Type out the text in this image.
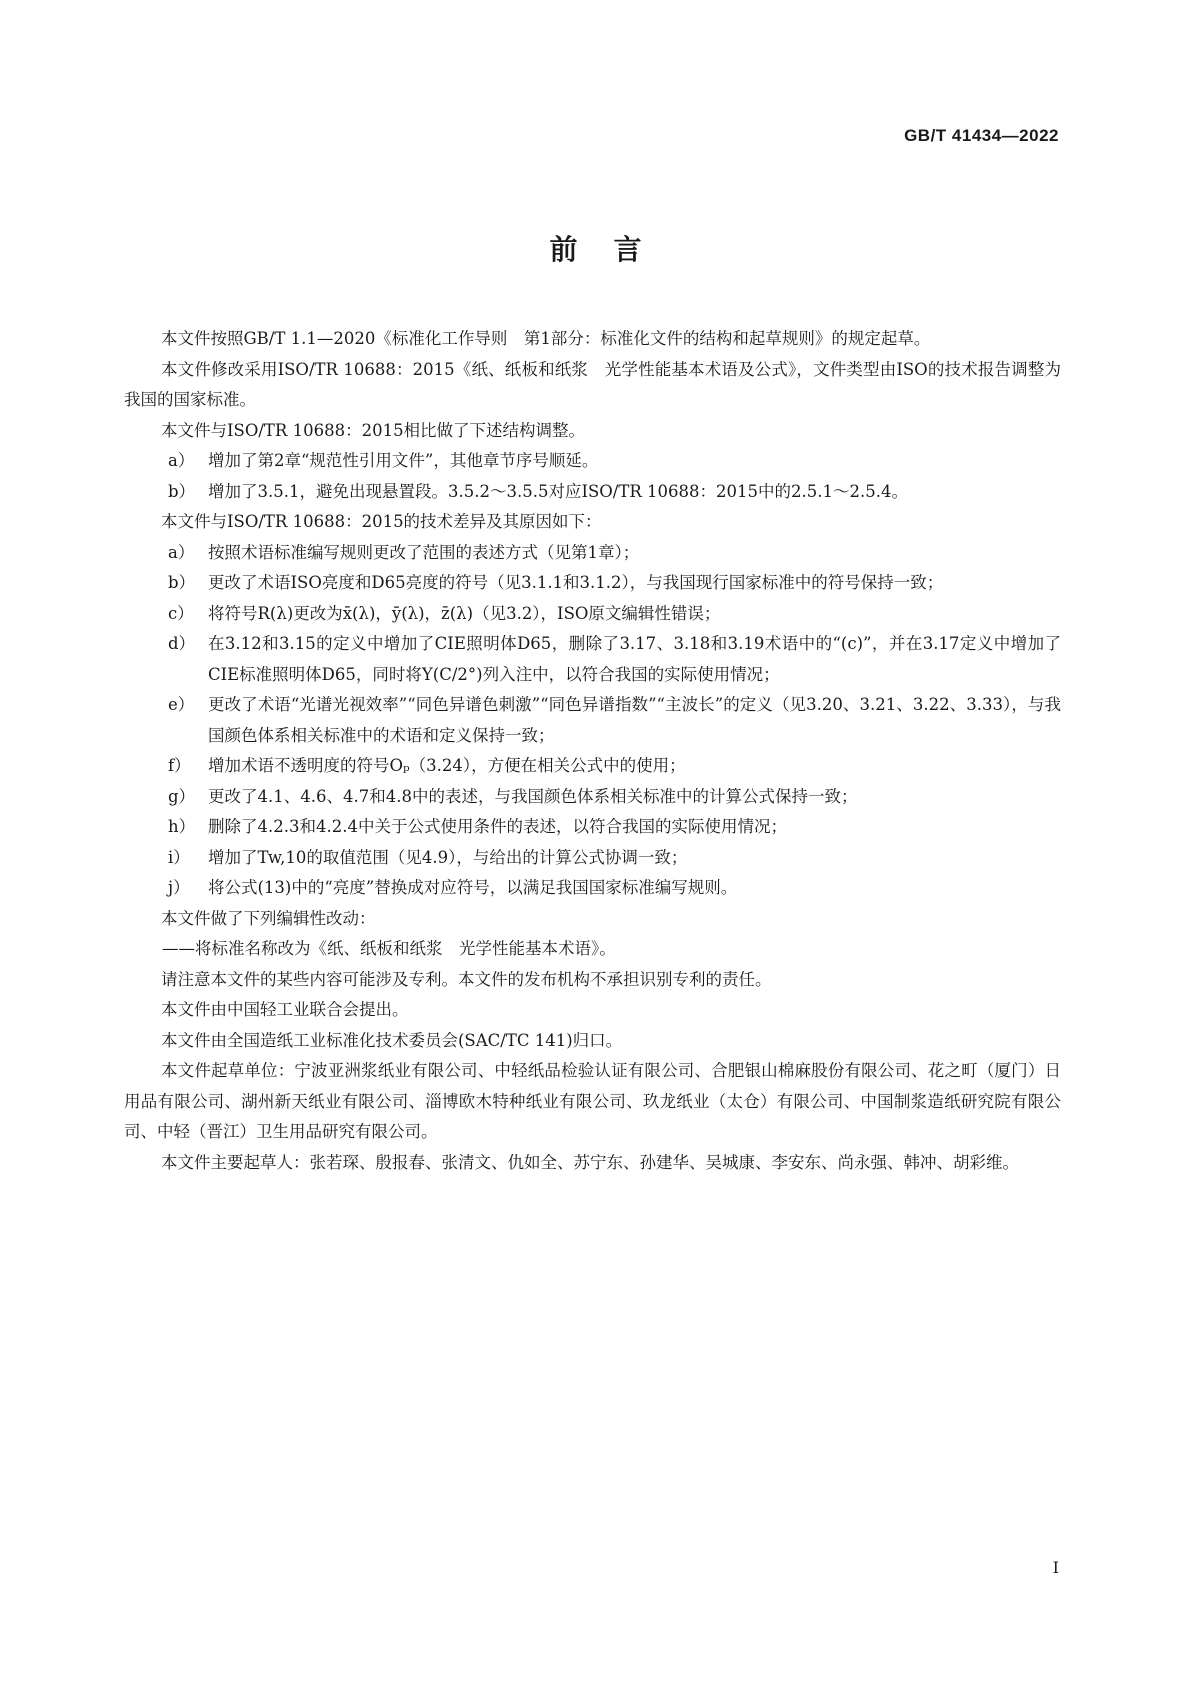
GB/T 41434—2022
前言

本文件按照GB/T 1.1—2020《标准化工作导则　第1部分：标准化文件的结构和起草规则》的规定起草。

本文件修改采用ISO/TR 10688：2015《纸、纸板和纸浆　光学性能基本术语及公式》，文件类型由ISO的技术报告调整为我国的国家标准。

本文件与ISO/TR 10688：2015相比做了下述结构调整。

a） 增加了第2章“规范性引用文件”，其他章节序号顺延。
b） 增加了3.5.1，避免出现悬置段。3.5.2～3.5.5对应ISO/TR 10688：2015中的2.5.1～2.5.4。

本文件与ISO/TR 10688：2015的技术差异及其原因如下：

a） 按照术语标准编写规则更改了范围的表述方式（见第1章）；
b） 更改了术语ISO亮度和D65亮度的符号（见3.1.1和3.1.2），与我国现行国家标准中的符号保持一致；
c） 将符号R(λ)更改为x̄(λ)，ȳ(λ)，z̄(λ)（见3.2），ISO原文编辑性错误；
d） 在3.12和3.15的定义中增加了CIE照明体D65，删除了3.17、3.18和3.19术语中的“(c)”，并在3.17定义中增加了CIE标准照明体D65，同时将Y(C/2°)列入注中，以符合我国的实际使用情况；
e） 更改了术语“光谱光视效率”“同色异谱色刺激”“同色异谱指数”“主波长”的定义（见3.20、3.21、3.22、3.33），与我国颜色体系相关标准中的术语和定义保持一致；
f） 增加术语不透明度的符号Oₚ（3.24），方便在相关公式中的使用；
g） 更改了4.1、4.6、4.7和4.8中的表述，与我国颜色体系相关标准中的计算公式保持一致；
h） 删除了4.2.3和4.2.4中关于公式使用条件的表述，以符合我国的实际使用情况；
i） 增加了Tw,10的取值范围（见4.9），与给出的计算公式协调一致；
j） 将公式(13)中的“亮度”替换成对应符号，以满足我国国家标准编写规则。

本文件做了下列编辑性改动：

——将标准名称改为《纸、纸板和纸浆　光学性能基本术语》。

请注意本文件的某些内容可能涉及专利。本文件的发布机构不承担识别专利的责任。

本文件由中国轻工业联合会提出。

本文件由全国造纸工业标准化技术委员会(SAC/TC 141)归口。

本文件起草单位：宁波亚洲浆纸业有限公司、中轻纸品检验认证有限公司、合肥银山棉麻股份有限公司、花之町（厦门）日用品有限公司、湖州新天纸业有限公司、淄博欧木特种纸业有限公司、玖龙纸业（太仓）有限公司、中国制浆造纸研究院有限公司、中轻（晋江）卫生用品研究有限公司。

本文件主要起草人：张若琛、殷报春、张清文、仇如全、苏宁东、孙建华、吴城康、李安东、尚永强、韩冲、胡彩维。

I
